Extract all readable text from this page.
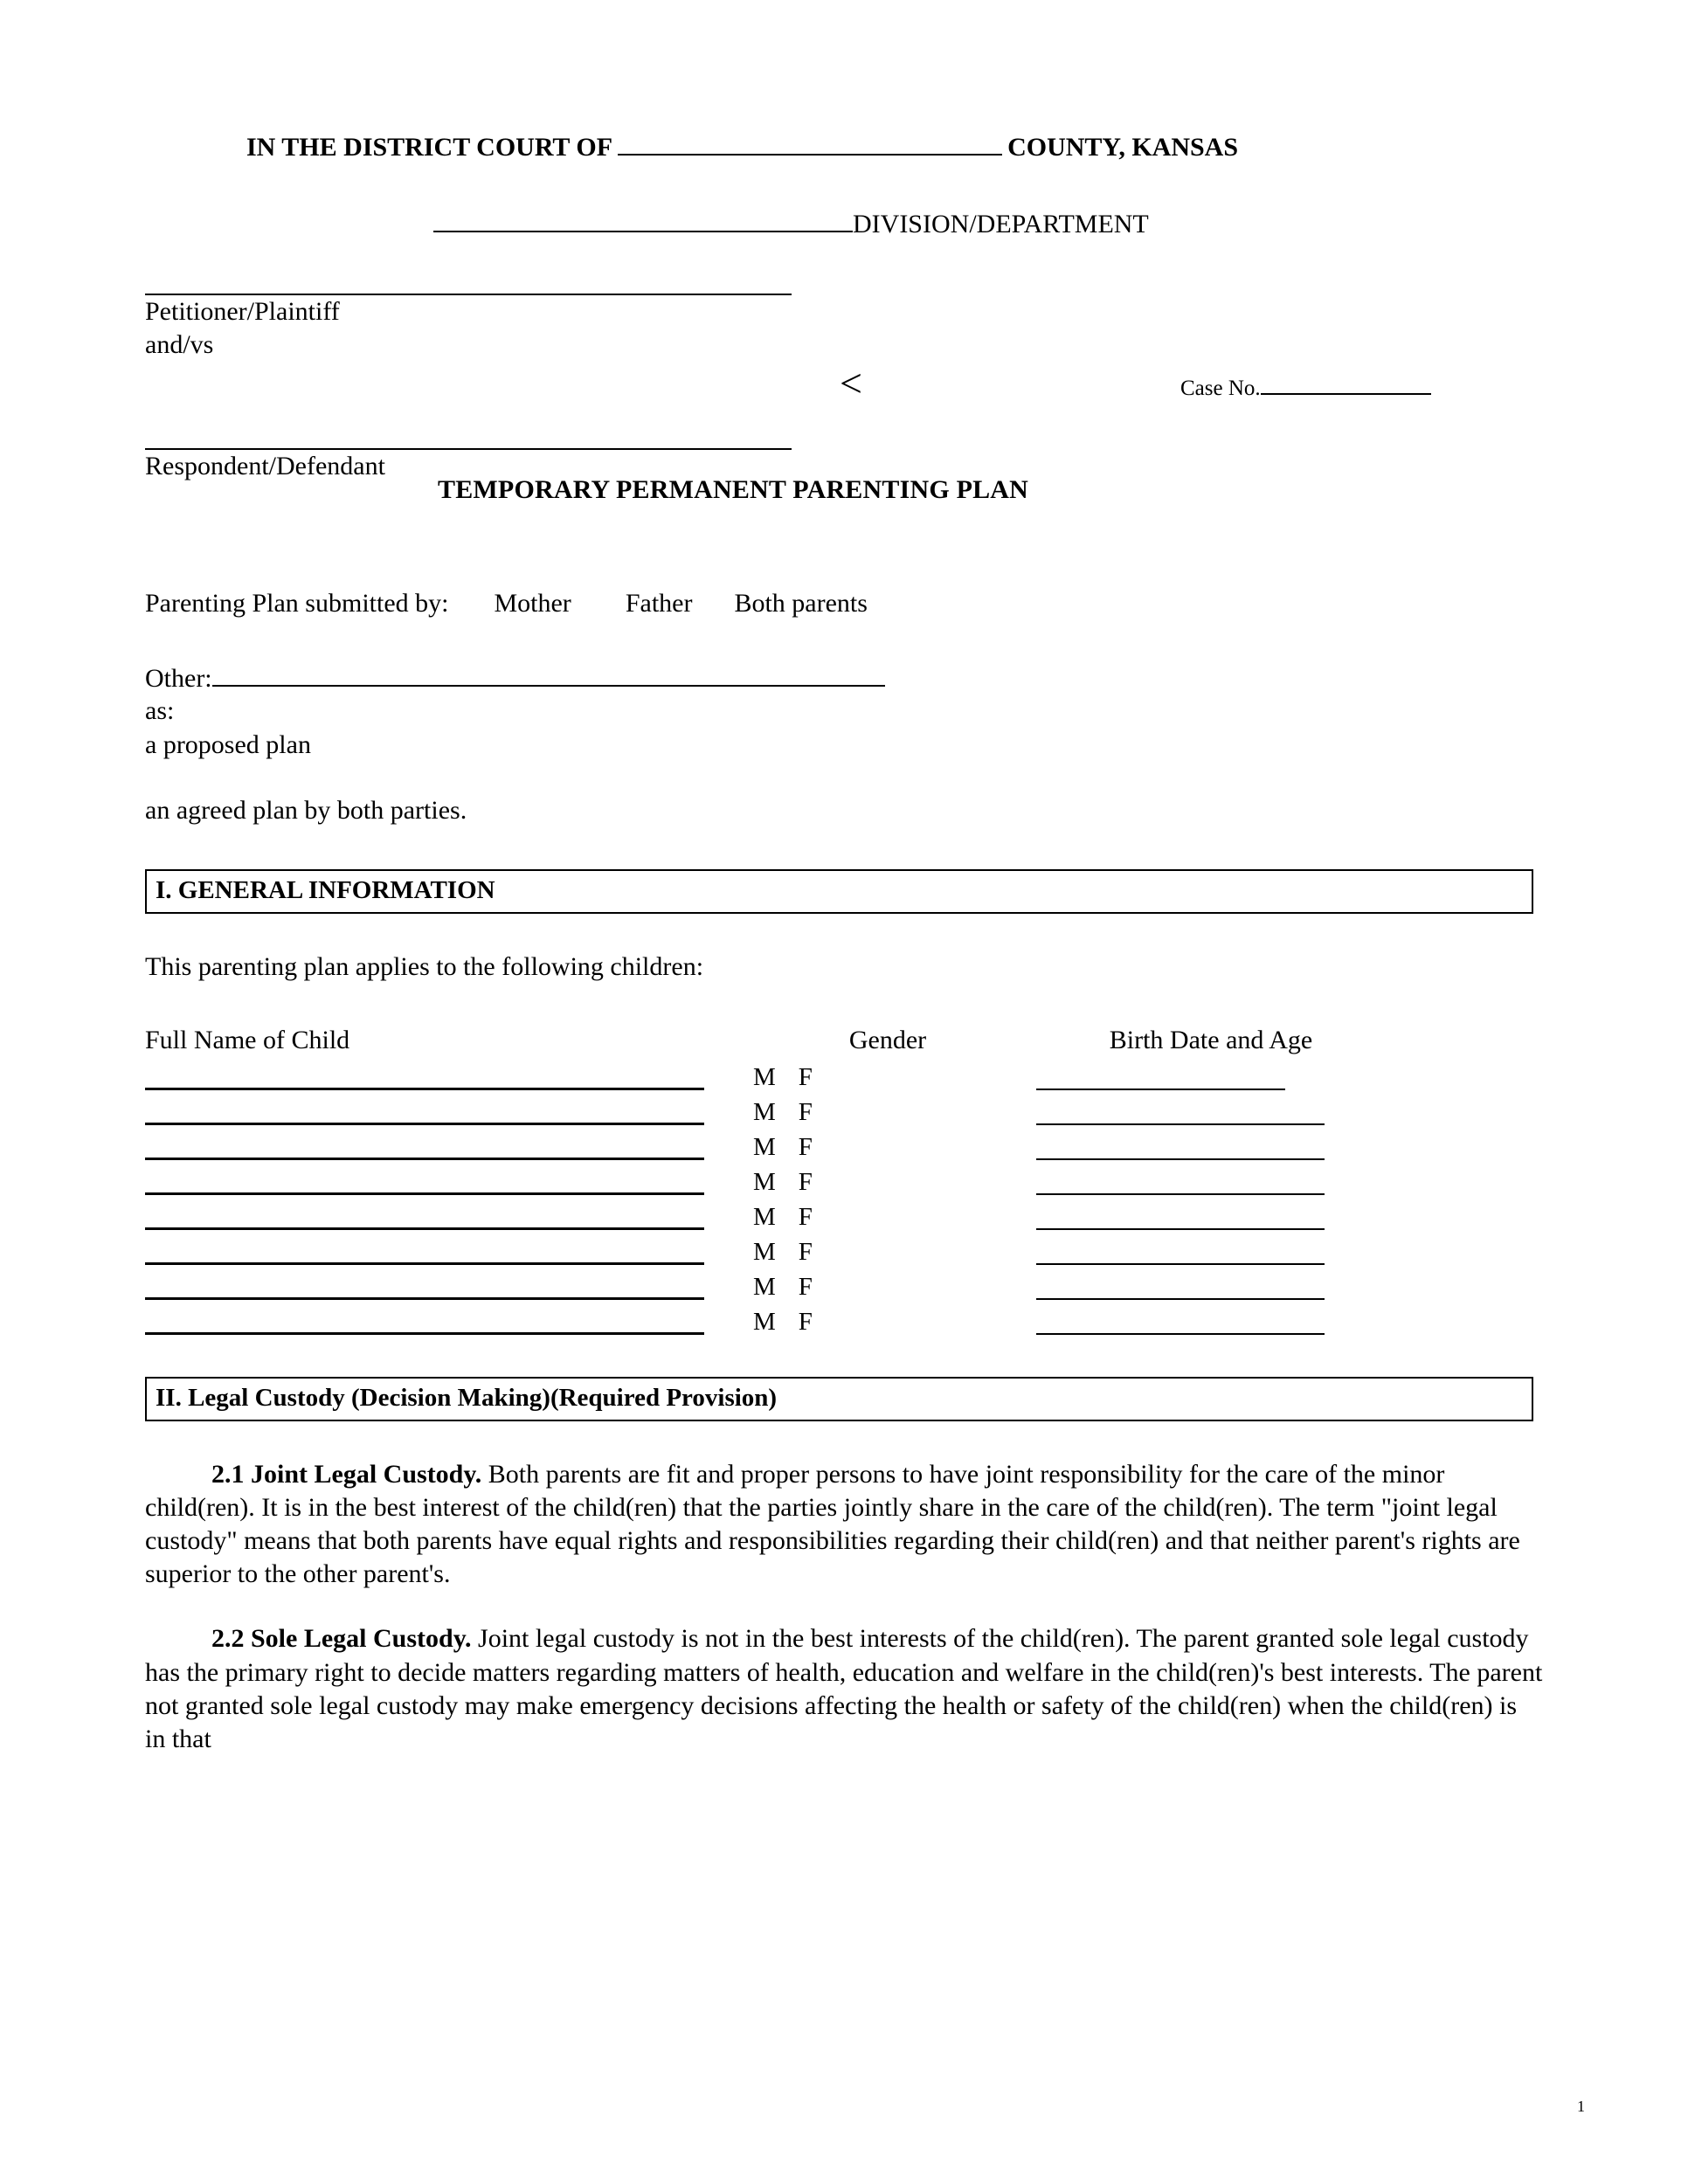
IN THE DISTRICT COURT OF	COUNTY, KANSAS
DIVISION/DEPARTMENT
Petitioner/Plaintiff
and/vs
<	Case No.
Respondent/Defendant
TEMPORARY PERMANENT PARENTING PLAN
Parenting Plan submitted by: Mother Father Both parents
Other:
as:
a proposed plan
an agreed plan by both parties.
I. GENERAL INFORMATION
This parenting plan applies to the following children:
Full Name of Child	Gender	Birth Date and Age
M F
M F
M F
M F
M F
M F
M F
M F
II. Legal Custody (Decision Making)(Required Provision)
2.1 Joint Legal Custody. Both parents are fit and proper persons to have joint responsibility for the care of the minor child(ren). It is in the best interest of the child(ren) that the parties jointly share in the care of the child(ren). The term "joint legal custody" means that both parents have equal rights and responsibilities regarding their child(ren) and that neither parent's rights are superior to the other parent's.
2.2 Sole Legal Custody. Joint legal custody is not in the best interests of the child(ren). The parent granted sole legal custody has the primary right to decide matters regarding matters of health, education and welfare in the child(ren)'s best interests. The parent not granted sole legal custody may make emergency decisions affecting the health or safety of the child(ren) when the child(ren) is in that
1
